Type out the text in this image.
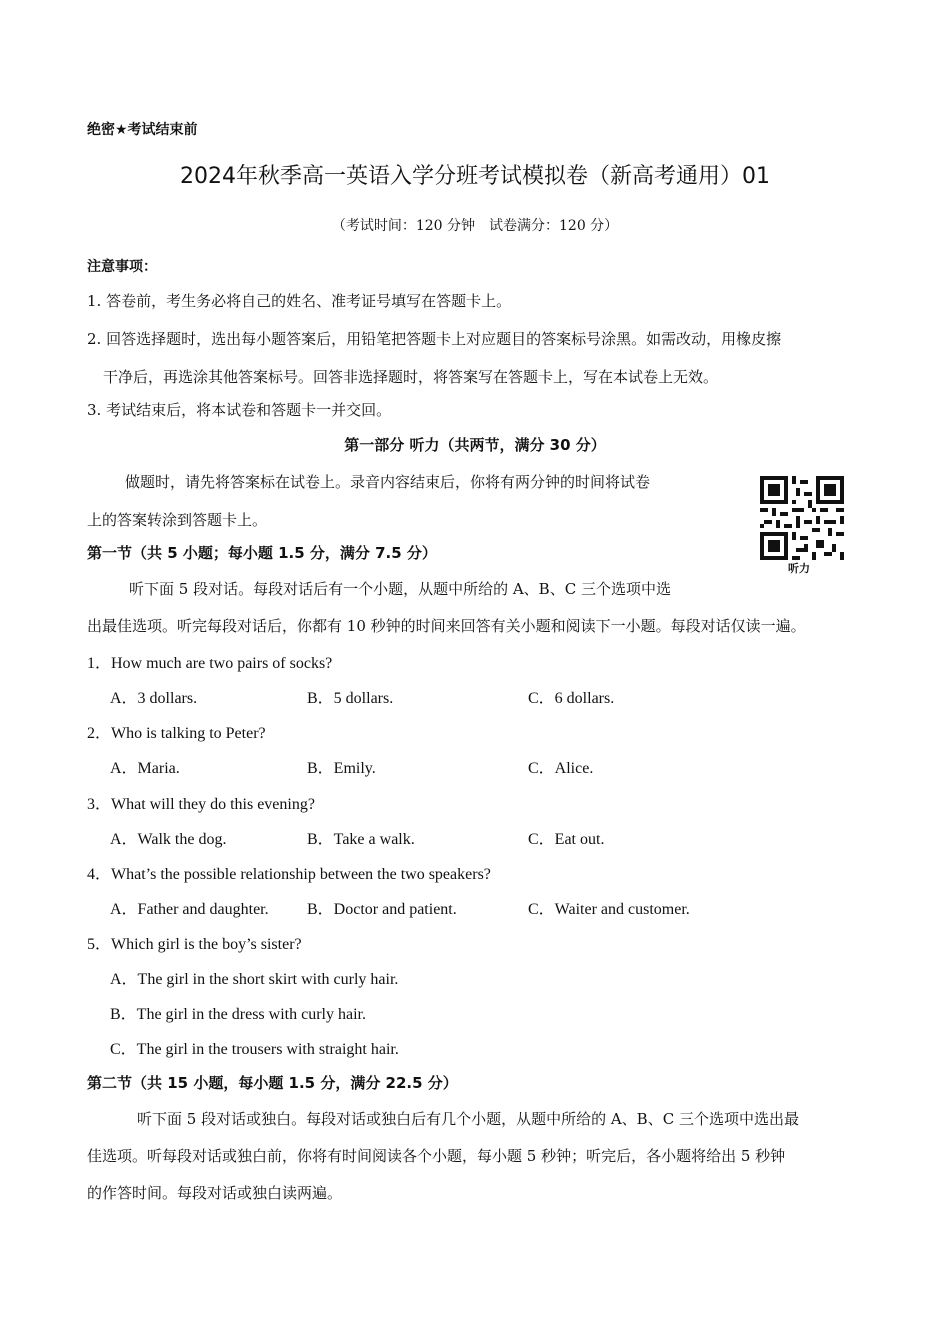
绝密★考试结束前
2024年秋季高一英语入学分班考试模拟卷（新高考通用）01
（考试时间：120 分钟　试卷满分：120 分）
注意事项：
1. 答卷前，考生务必将自己的姓名、准考证号填写在答题卡上。
2. 回答选择题时，选出每小题答案后，用铅笔把答题卡上对应题目的答案标号涂黑。如需改动，用橡皮擦
干净后，再选涂其他答案标号。回答非选择题时，将答案写在答题卡上，写在本试卷上无效。
3. 考试结束后，将本试卷和答题卡一并交回。
第一部分 听力（共两节，满分 30 分）
做题时，请先将答案标在试卷上。录音内容结束后，你将有两分钟的时间将试卷
上的答案转涂到答题卡上。
听力
第一节（共 5 小题；每小题 1.5 分，满分 7.5 分）
听下面 5 段对话。每段对话后有一个小题，从题中所给的 A、B、C 三个选项中选
出最佳选项。听完每段对话后，你都有 10 秒钟的时间来回答有关小题和阅读下一小题。每段对话仅读一遍。
1．How much are two pairs of socks?
A．3 dollars.	B．5 dollars.	C．6 dollars.
2．Who is talking to Peter?
A．Maria.	B．Emily.	C．Alice.
3．What will they do this evening?
A．Walk the dog.	B．Take a walk.	C．Eat out.
4．What’s the possible relationship between the two speakers?
A．Father and daughter. B．Doctor and patient.	C．Waiter and customer.
5．Which girl is the boy’s sister?
A．The girl in the short skirt with curly hair.
B．The girl in the dress with curly hair.
C．The girl in the trousers with straight hair.
第二节（共 15 小题，每小题 1.5 分，满分 22.5 分）
听下面 5 段对话或独白。每段对话或独白后有几个小题，从题中所给的 A、B、C 三个选项中选出最
佳选项。听每段对话或独白前，你将有时间阅读各个小题，每小题 5 秒钟；听完后，各小题将给出 5 秒钟
的作答时间。每段对话或独白读两遍。
